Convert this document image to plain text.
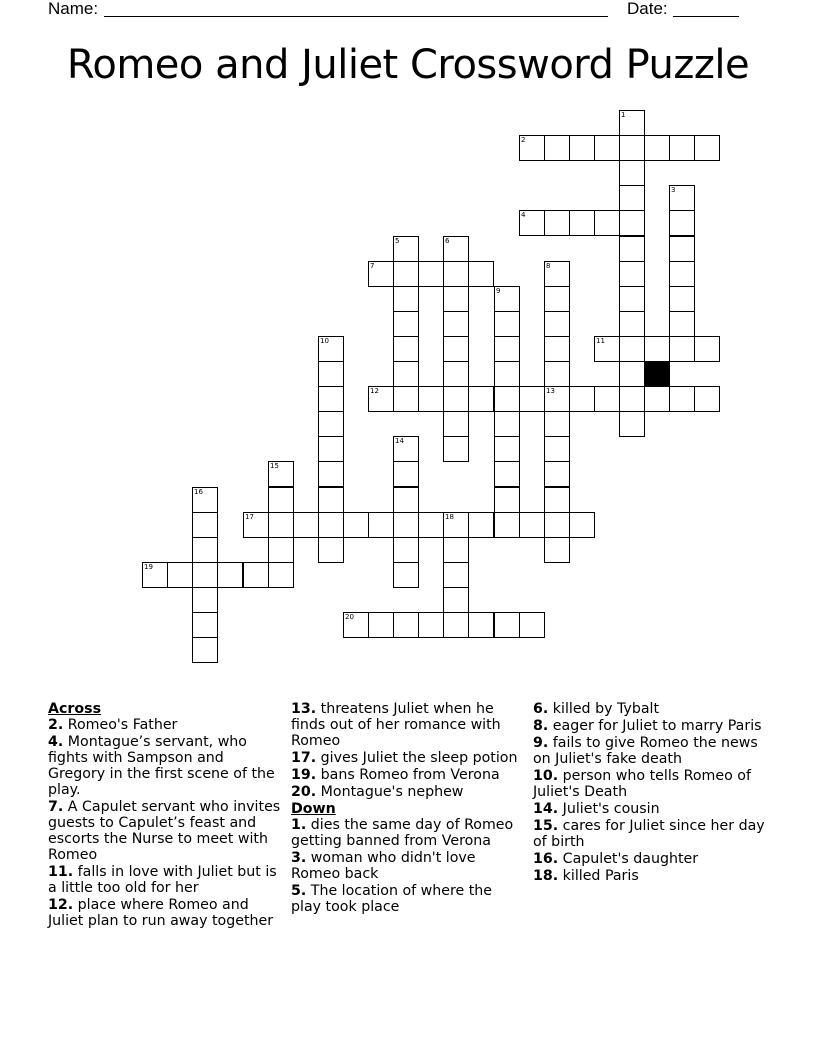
Name:	Date:
Romeo and Juliet Crossword Puzzle
2
4
7
11
12	13
17	18
19
20
1
3
5	6
8
9
10
14
15
16

Across

2. Romeo's Father

4. Montague’s servant, who fights with Sampson and Gregory in the first scene of the play.

7. A Capulet servant who invites guests to Capulet’s feast and escorts the Nurse to meet with Romeo

11. falls in love with Juliet but is a little too old for her

12. place where Romeo and Juliet plan to run away together

13. threatens Juliet when he finds out of her romance with Romeo

17. gives Juliet the sleep potion

19. bans Romeo from Verona

20. Montague's nephew

Down

1. dies the same day of Romeo getting banned from Verona

3. woman who didn't love Romeo back

5. The location of where the play took place

6. killed by Tybalt

8. eager for Juliet to marry Paris

9. fails to give Romeo the news on Juliet's fake death

10. person who tells Romeo of Juliet's Death

14. Juliet's cousin

15. cares for Juliet since her day of birth

16. Capulet's daughter

18. killed Paris
